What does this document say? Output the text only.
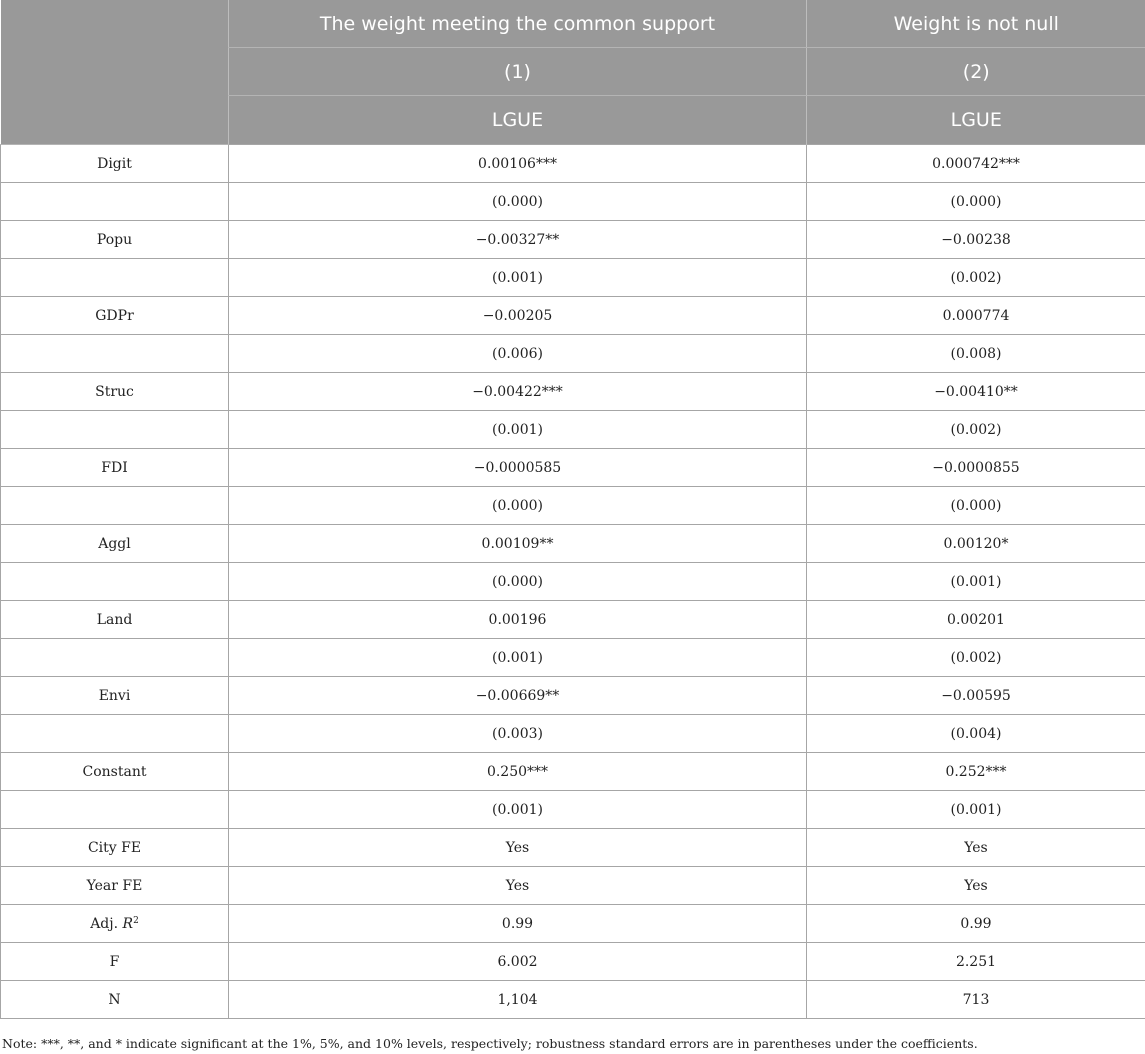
	The weight meeting the common support	Weight is not null
	(1)	(2)
	LGUE	LGUE
Digit	0.00106***	0.000742***
	(0.000)	(0.000)
Popu	−0.00327**	−0.00238
	(0.001)	(0.002)
GDPr	−0.00205	0.000774
	(0.006)	(0.008)
Struc	−0.00422***	−0.00410**
	(0.001)	(0.002)
FDI	−0.0000585	−0.0000855
	(0.000)	(0.000)
Aggl	0.00109**	0.00120*
	(0.000)	(0.001)
Land	0.00196	0.00201
	(0.001)	(0.002)
Envi	−0.00669**	−0.00595
	(0.003)	(0.004)
Constant	0.250***	0.252***
	(0.001)	(0.001)
City FE	Yes	Yes
Year FE	Yes	Yes
Adj. $R^2$	0.99	0.99
F	6.002	2.251
N	1,104	713
Note: ***, **, and * indicate significant at the 1%, 5%, and 10% levels, respectively; robustness standard errors are in parentheses under the coefficients.
